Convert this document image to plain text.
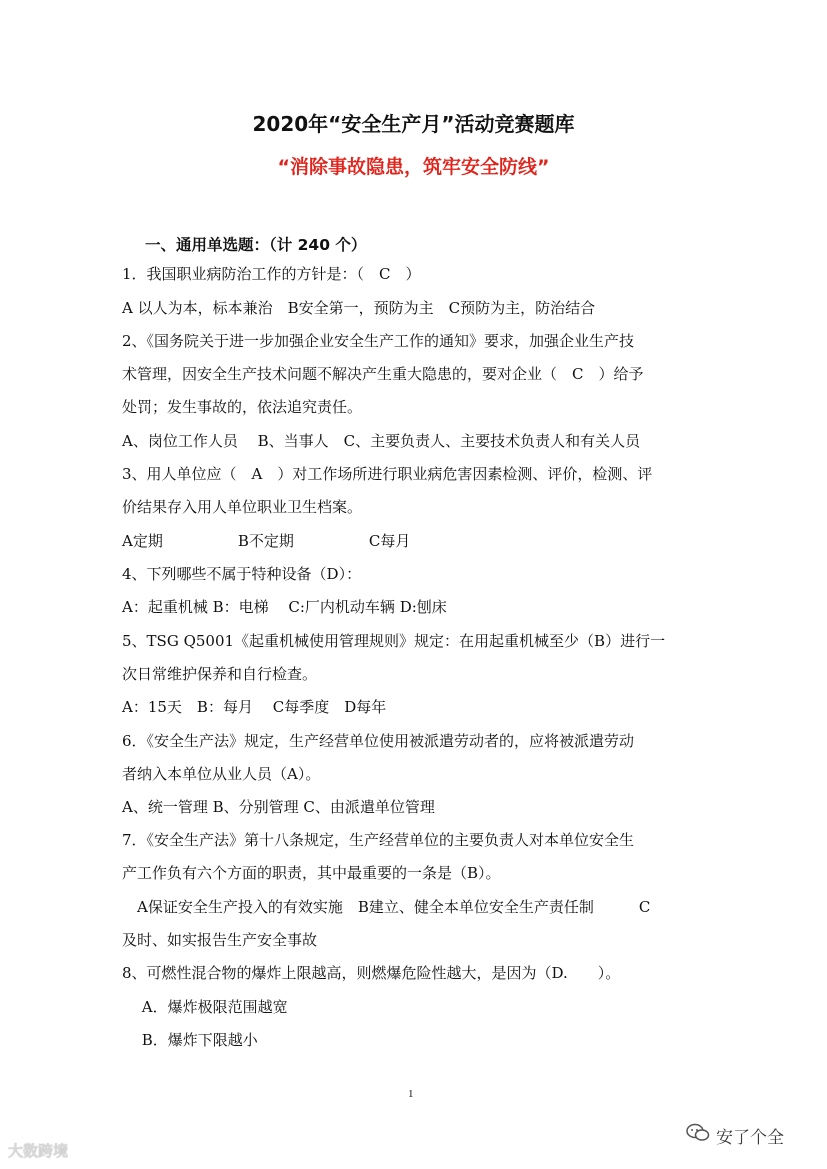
2020年“安全生产月”活动竞赛题库
“消除事故隐患，筑牢安全防线”
一、通用单选题：（计 240 个）
1．我国职业病防治工作的方针是：（　C　）
A 以人为本，标本兼治　B安全第一，预防为主　C预防为主，防治结合
2、《国务院关于进一步加强企业安全生产工作的通知》要求，加强企业生产技
术管理，因安全生产技术问题不解决产生重大隐患的，要对企业（　C　）给予
处罚；发生事故的，依法追究责任。
A、岗位工作人员　 B、当事人　C、主要负责人、主要技术负责人和有关人员
3、用人单位应（　A　）对工作场所进行职业病危害因素检测、评价，检测、评
价结果存入用人单位职业卫生档案。
A定期　　　　　B不定期　　　　　C每月
4、下列哪些不属于特种设备（D）：
A：起重机械 B：电梯　 C:厂内机动车辆 D:刨床
5、TSG Q5001《起重机械使用管理规则》规定：在用起重机械至少（B）进行一
次日常维护保养和自行检查。
A：15天　B：每月　 C每季度　D每年
6．《安全生产法》规定，生产经营单位使用被派遣劳动者的，应将被派遣劳动
者纳入本单位从业人员（A）。
A、统一管理 B、分别管理 C、由派遣单位管理
7．《安全生产法》第十八条规定，生产经营单位的主要负责人对本单位安全生
产工作负有六个方面的职责，其中最重要的一条是（B）。
　A保证安全生产投入的有效实施　B建立、健全本单位安全生产责任制　　　C
及时、如实报告生产安全事故
8、可燃性混合物的爆炸上限越高，则燃爆危险性越大，是因为（D.　　）。
　 A．爆炸极限范围越宽
　 B．爆炸下限越小
1
大数跨境
安了个全
